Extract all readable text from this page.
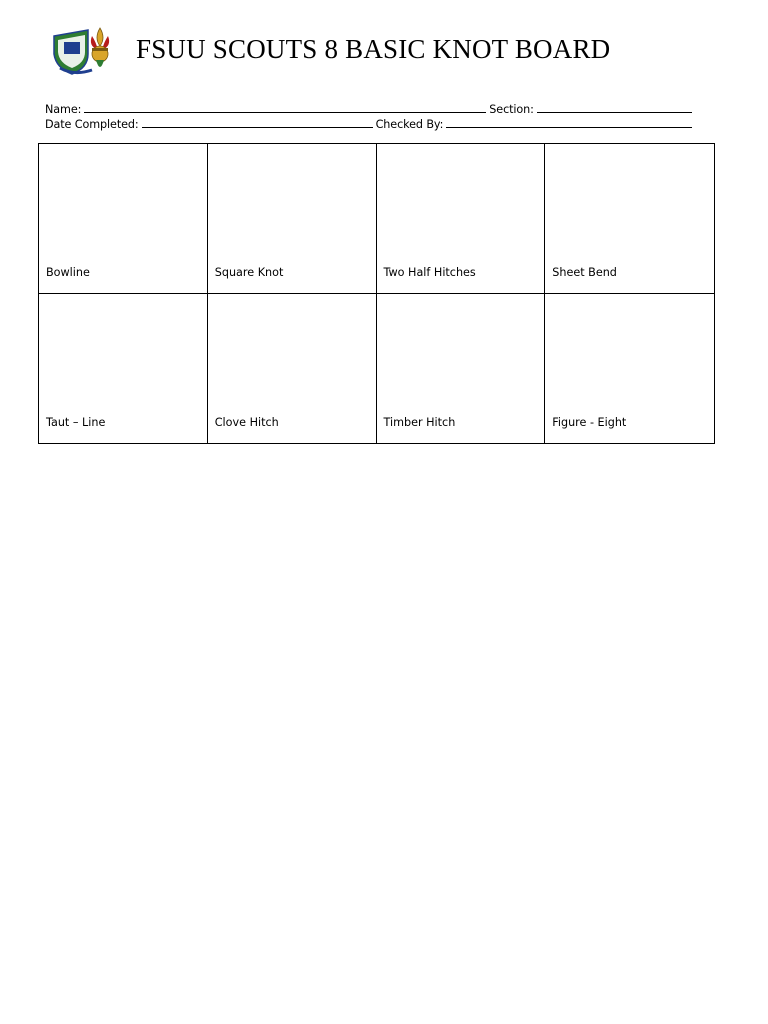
FSUU SCOUTS 8 BASIC KNOT BOARD
Name:	Section:
Date Completed:	Checked By:
Bowline	Square Knot	Two Half Hitches	Sheet Bend
Taut – Line	Clove Hitch	Timber Hitch	Figure - Eight
